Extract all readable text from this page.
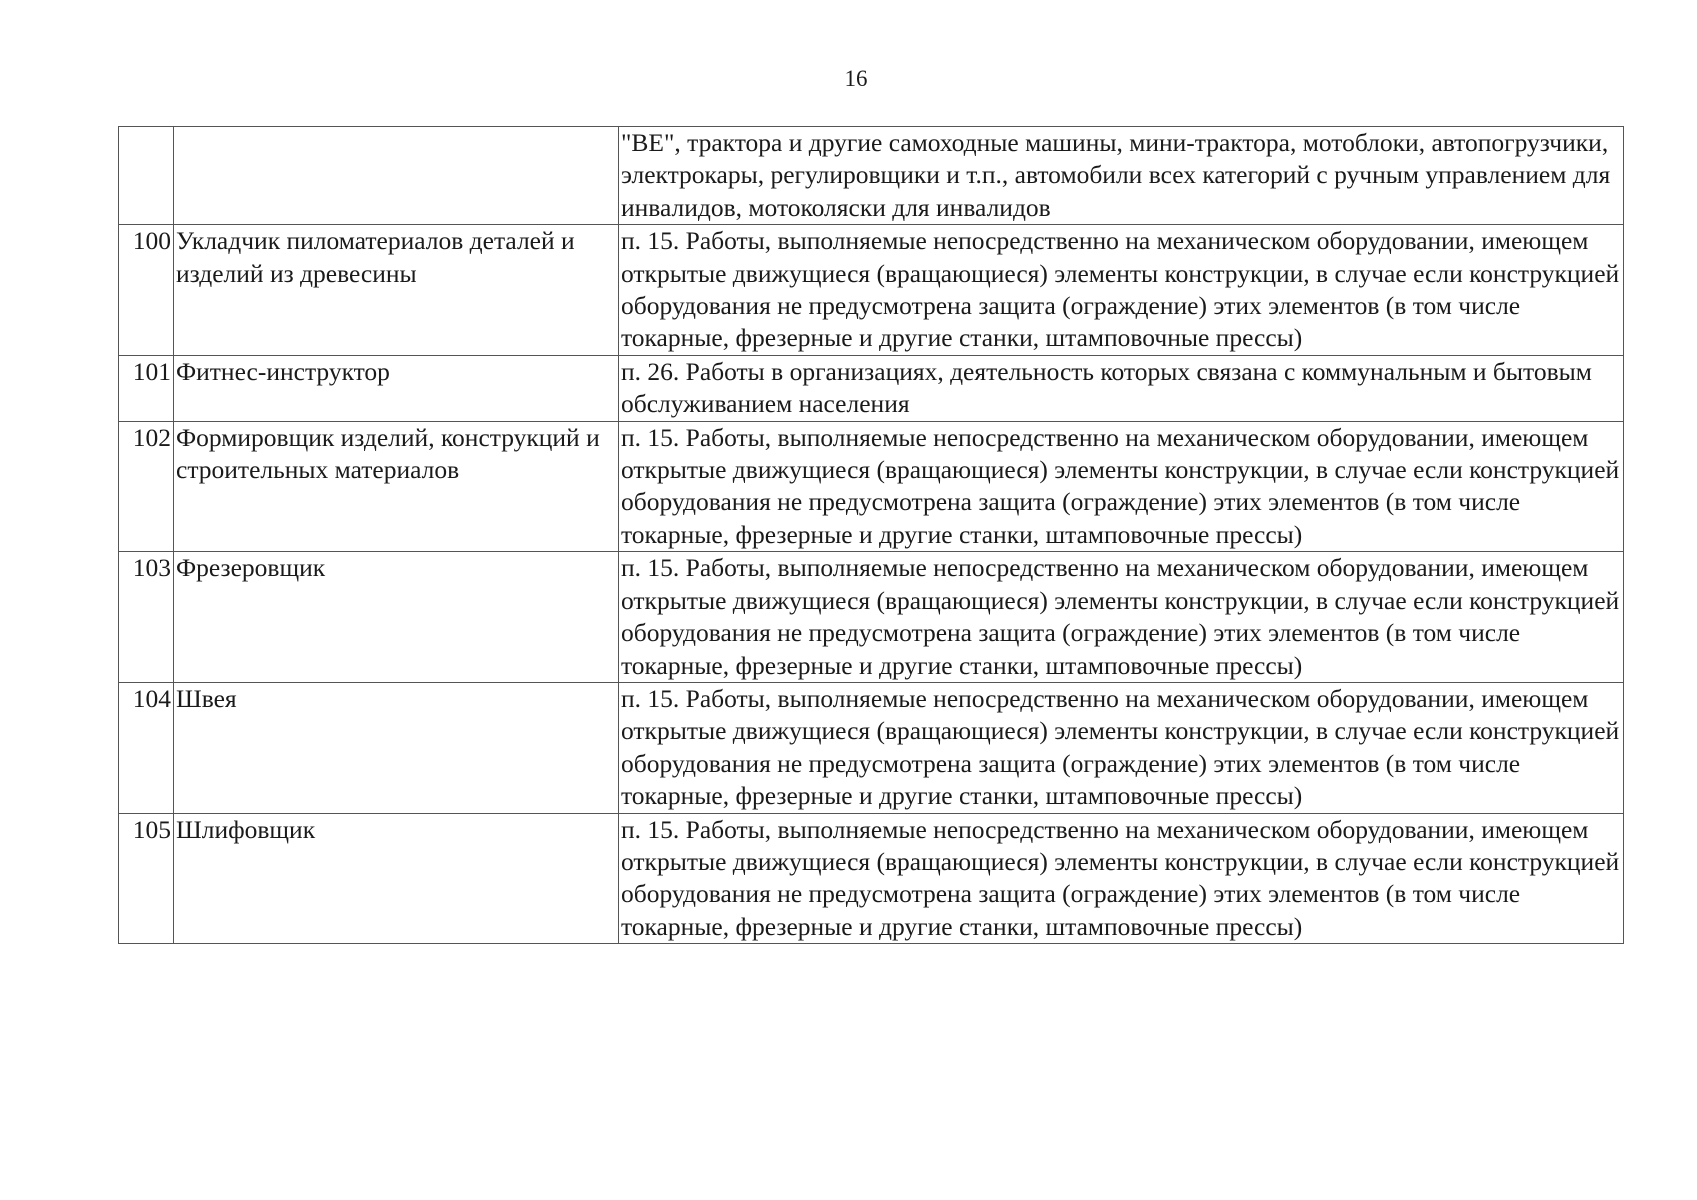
16
		"ВЕ", трактора и другие самоходные машины, мини-трактора, мотоблоки, автопогрузчики, электрокары, регулировщики и т.п., автомобили всех категорий с ручным управлением для инвалидов, мотоколяски для инвалидов
100	Укладчик пиломатериалов деталей и изделий из древесины	п. 15. Работы, выполняемые непосредственно на механическом оборудовании, имеющем открытые движущиеся (вращающиеся) элементы конструкции, в случае если конструкцией оборудования не предусмотрена защита (ограждение) этих элементов (в том числе токарные, фрезерные и другие станки, штамповочные прессы)
101	Фитнес-инструктор	п. 26. Работы в организациях, деятельность которых связана с коммунальным и бытовым обслуживанием населения
102	Формировщик изделий, конструкций и строительных материалов	п. 15. Работы, выполняемые непосредственно на механическом оборудовании, имеющем открытые движущиеся (вращающиеся) элементы конструкции, в случае если конструкцией оборудования не предусмотрена защита (ограждение) этих элементов (в том числе токарные, фрезерные и другие станки, штамповочные прессы)
103	Фрезеровщик	п. 15. Работы, выполняемые непосредственно на механическом оборудовании, имеющем открытые движущиеся (вращающиеся) элементы конструкции, в случае если конструкцией оборудования не предусмотрена защита (ограждение) этих элементов (в том числе токарные, фрезерные и другие станки, штамповочные прессы)
104	Швея	п. 15. Работы, выполняемые непосредственно на механическом оборудовании, имеющем открытые движущиеся (вращающиеся) элементы конструкции, в случае если конструкцией оборудования не предусмотрена защита (ограждение) этих элементов (в том числе токарные, фрезерные и другие станки, штамповочные прессы)
105	Шлифовщик	п. 15. Работы, выполняемые непосредственно на механическом оборудовании, имеющем открытые движущиеся (вращающиеся) элементы конструкции, в случае если конструкцией оборудования не предусмотрена защита (ограждение) этих элементов (в том числе токарные, фрезерные и другие станки, штамповочные прессы)
